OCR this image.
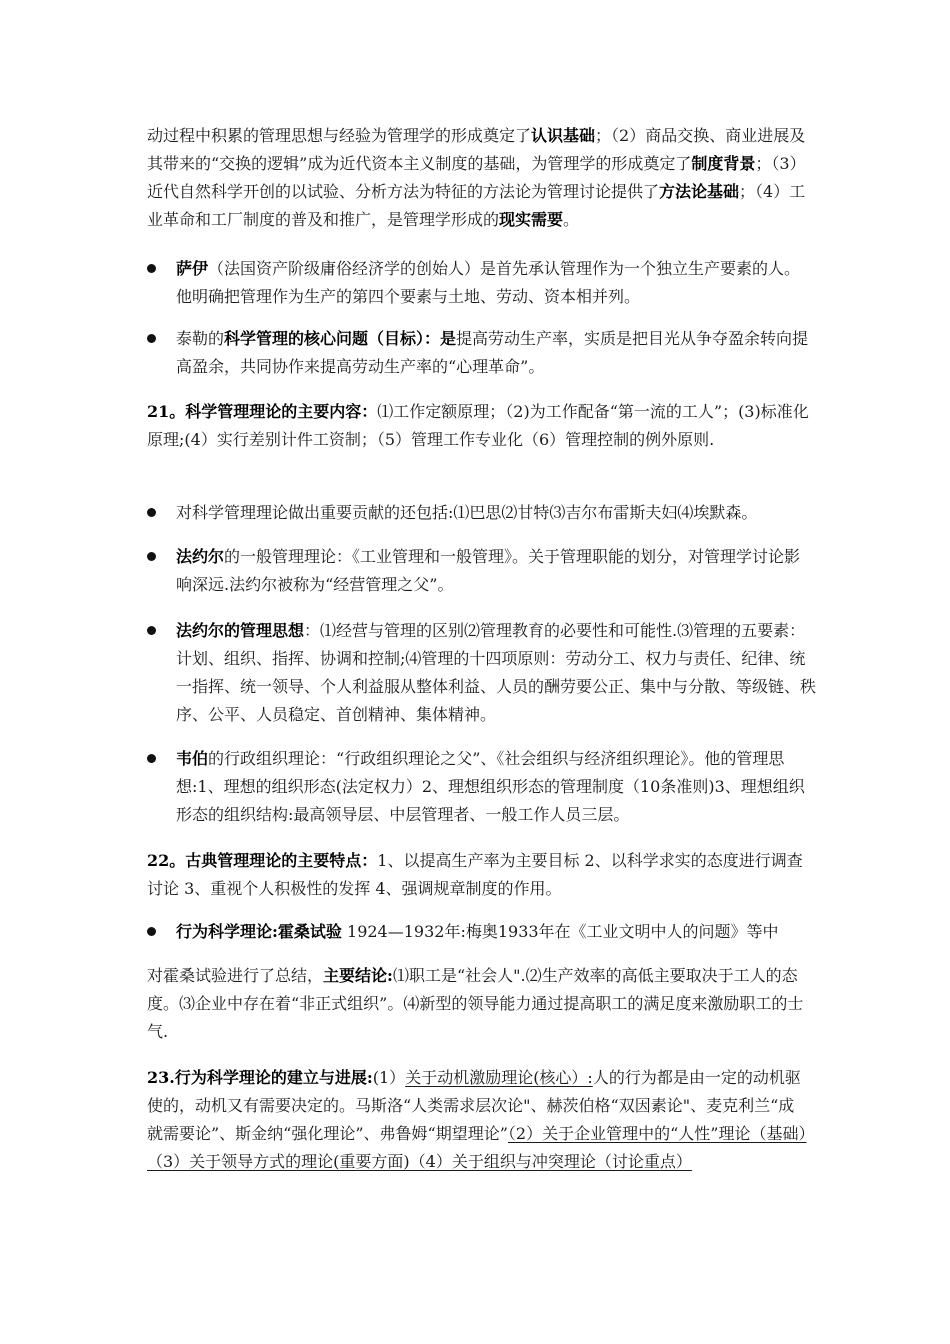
动过程中积累的管理思想与经验为管理学的形成奠定了认识基础；（2）商品交换、商业进展及其带来的“交换的逻辑”成为近代资本主义制度的基础，为管理学的形成奠定了制度背景；（3）近代自然科学开创的以试验、分析方法为特征的方法论为管理讨论提供了方法论基础；（4）工业革命和工厂制度的普及和推广，是管理学形成的现实需要。

萨伊（法国资产阶级庸俗经济学的创始人）是首先承认管理作为一个独立生产要素的人。他明确把管理作为生产的第四个要素与土地、劳动、资本相并列。
泰勒的科学管理的核心问题（目标）：是提高劳动生产率，实质是把目光从争夺盈余转向提高盈余，共同协作来提高劳动生产率的“心理革命”。

21。科学管理理论的主要内容：⑴工作定额原理；（2)为工作配备“第一流的工人”；(3)标准化原理;(4）实行差别计件工资制；（5）管理工作专业化（6）管理控制的例外原则.

对科学管理理论做出重要贡献的还包括:⑴巴思⑵甘特⑶吉尔布雷斯夫妇⑷埃默森。
法约尔的一般管理理论：《工业管理和一般管理》。关于管理职能的划分，对管理学讨论影响深远.法约尔被称为“经营管理之父”。
法约尔的管理思想：⑴经营与管理的区别⑵管理教育的必要性和可能性.⑶管理的五要素：计划、组织、指挥、协调和控制;⑷管理的十四项原则：劳动分工、权力与责任、纪律、统一指挥、统一领导、个人利益服从整体利益、人员的酬劳要公正、集中与分散、等级链、秩序、公平、人员稳定、首创精神、集体精神。
韦伯的行政组织理论：“行政组织理论之父”、《社会组织与经济组织理论》。他的管理思想:1、理想的组织形态(法定权力）2、理想组织形态的管理制度（10条准则)3、理想组织形态的组织结构:最高领导层、中层管理者、一般工作人员三层。

22。古典管理理论的主要特点：1、以提高生产率为主要目标 2、以科学求实的态度进行调查讨论 3、重视个人积极性的发挥 4、强调规章制度的作用。

行为科学理论:霍桑试验 1924—1932年:梅奥1933年在《工业文明中人的问题》等中

对霍桑试验进行了总结，主要结论:⑴职工是“社会人".⑵生产效率的高低主要取决于工人的态度。⑶企业中存在着“非正式组织”。⑷新型的领导能力通过提高职工的满足度来激励职工的士气.

23.行为科学理论的建立与进展:(1）关于动机激励理论(核心）:人的行为都是由一定的动机驱使的，动机又有需要决定的。马斯洛“人类需求层次论"、赫茨伯格“双因素论"、麦克利兰“成就需要论”、斯金纳“强化理论”、弗鲁姆“期望理论”（2）关于企业管理中的“人性”理论（基础）（3）关于领导方式的理论(重要方面)（4）关于组织与冲突理论（讨论重点）
